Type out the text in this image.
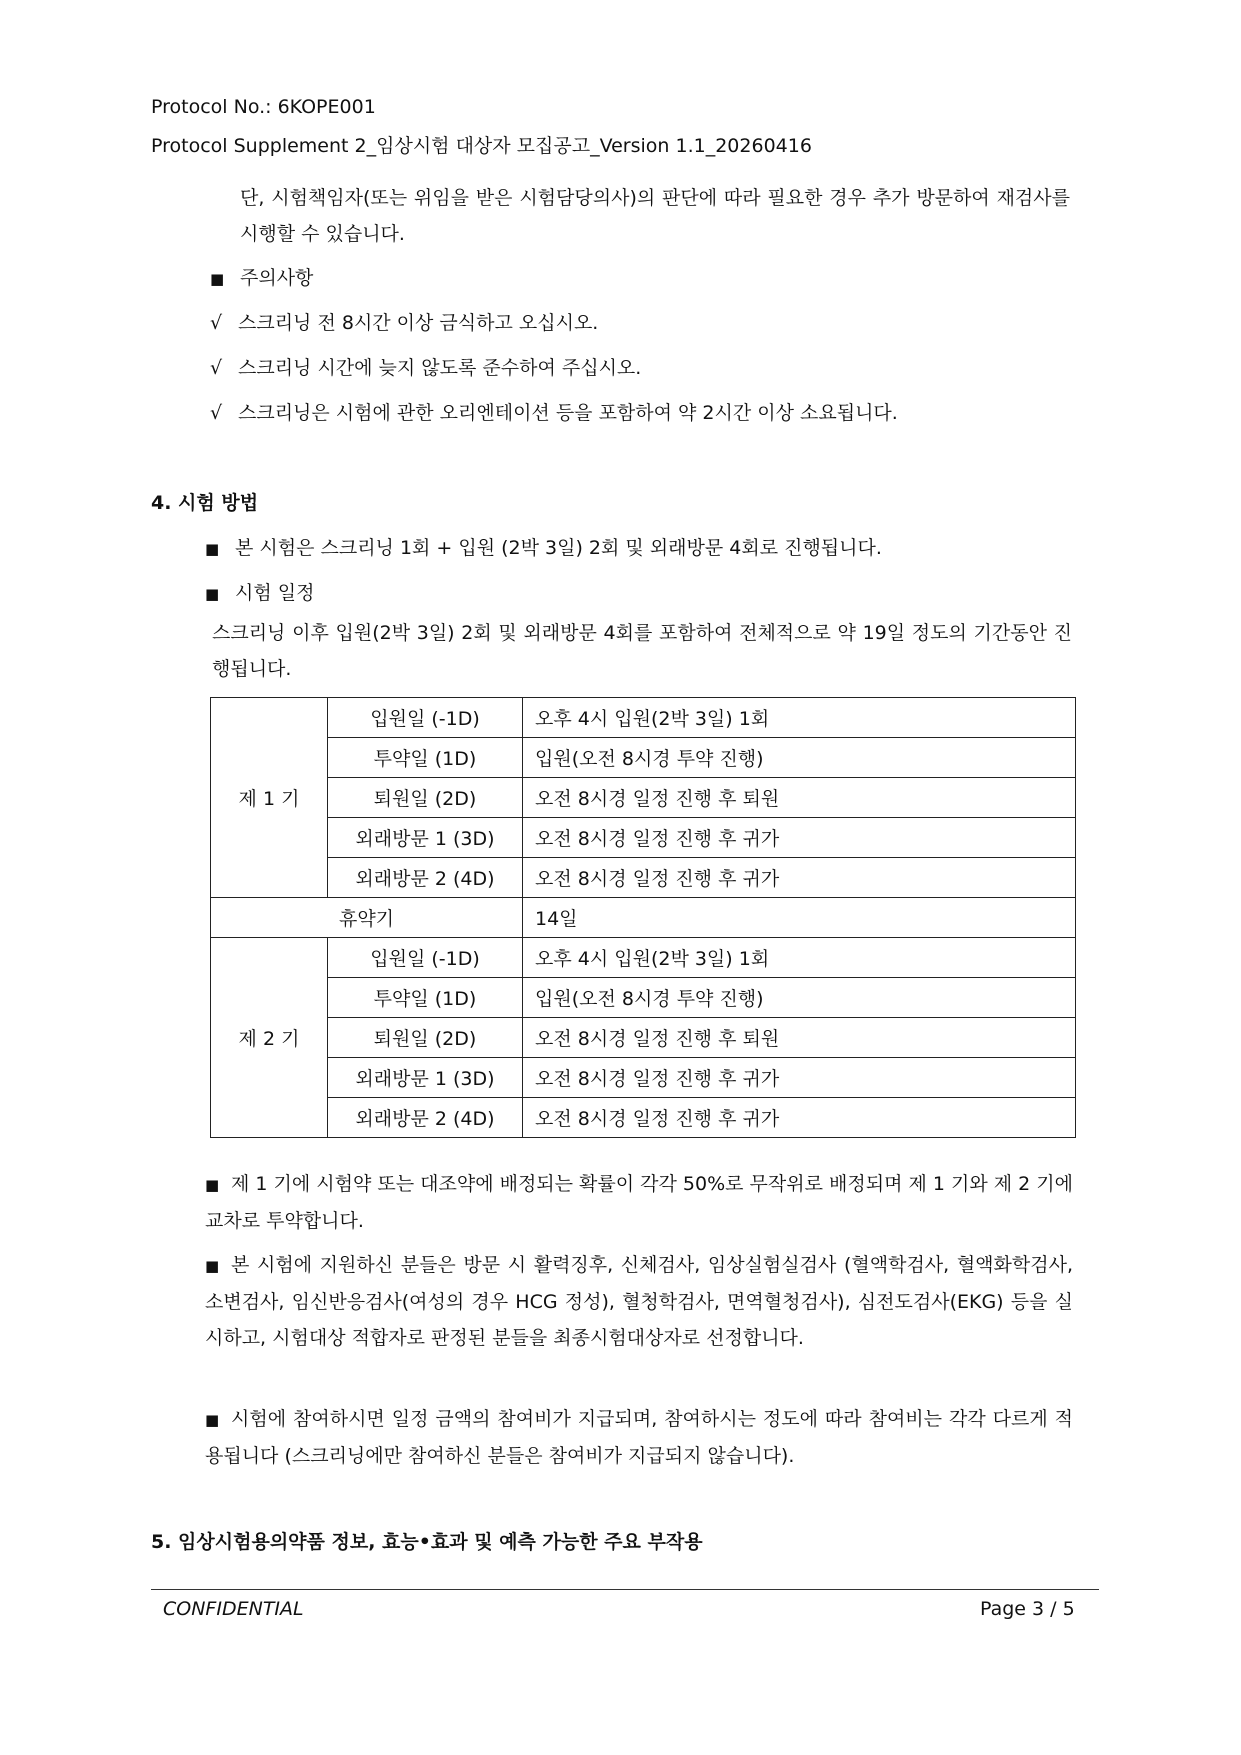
Protocol No.: 6KOPE001
Protocol Supplement 2_임상시험 대상자 모집공고_Version 1.1_20260416
단, 시험책임자(또는 위임을 받은 시험담당의사)의 판단에 따라 필요한 경우 추가 방문하여 재검사를 시행할 수 있습니다.
■ 주의사항
√ 스크리닝 전 8시간 이상 금식하고 오십시오.
√ 스크리닝 시간에 늦지 않도록 준수하여 주십시오.
√ 스크리닝은 시험에 관한 오리엔테이션 등을 포함하여 약 2시간 이상 소요됩니다.
4. 시험 방법
■ 본 시험은 스크리닝 1회 + 입원 (2박 3일) 2회 및 외래방문 4회로 진행됩니다.
■ 시험 일정
스크리닝 이후 입원(2박 3일) 2회 및 외래방문 4회를 포함하여 전체적으로 약 19일 정도의 기간동안 진행됩니다.
제 1 기	입원일 (-1D)	오후 4시 입원(2박 3일) 1회
	투약일 (1D)	입원(오전 8시경 투약 진행)
	퇴원일 (2D)	오전 8시경 일정 진행 후 퇴원
	외래방문 1 (3D)	오전 8시경 일정 진행 후 귀가
	외래방문 2 (4D)	오전 8시경 일정 진행 후 귀가
휴약기		14일
제 2 기	입원일 (-1D)	오후 4시 입원(2박 3일) 1회
	투약일 (1D)	입원(오전 8시경 투약 진행)
	퇴원일 (2D)	오전 8시경 일정 진행 후 퇴원
	외래방문 1 (3D)	오전 8시경 일정 진행 후 귀가
	외래방문 2 (4D)	오전 8시경 일정 진행 후 귀가
■ 제 1 기에 시험약 또는 대조약에 배정되는 확률이 각각 50%로 무작위로 배정되며 제 1 기와 제 2 기에 교차로 투약합니다.
■ 본 시험에 지원하신 분들은 방문 시 활력징후, 신체검사, 임상실험실검사 (혈액학검사, 혈액화학검사, 소변검사, 임신반응검사(여성의 경우 HCG 정성), 혈청학검사, 면역혈청검사), 심전도검사(EKG) 등을 실시하고, 시험대상 적합자로 판정된 분들을 최종시험대상자로 선정합니다.
■ 시험에 참여하시면 일정 금액의 참여비가 지급되며, 참여하시는 정도에 따라 참여비는 각각 다르게 적용됩니다 (스크리닝에만 참여하신 분들은 참여비가 지급되지 않습니다).
5. 임상시험용의약품 정보, 효능•효과 및 예측 가능한 주요 부작용
CONFIDENTIAL	Page 3 / 5
